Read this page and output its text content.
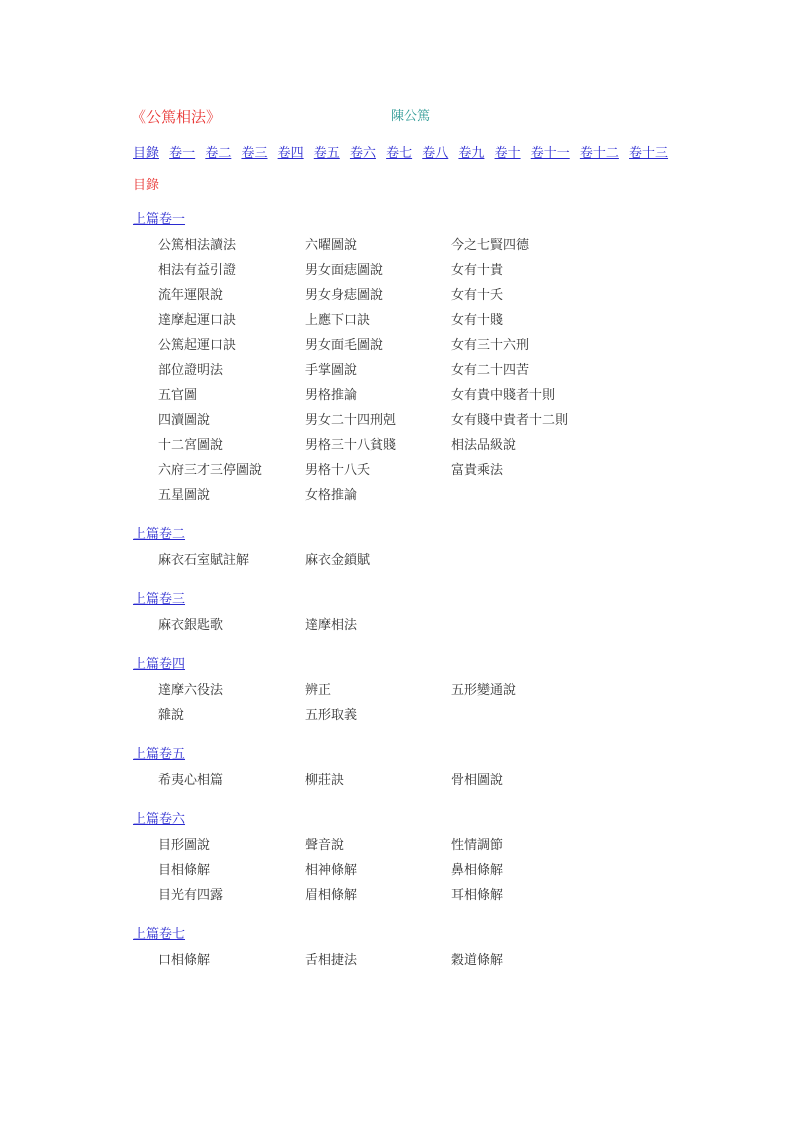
《公篤相法》	陳公篤
目錄 卷一 卷二 卷三 卷四 卷五 卷六 卷七 卷八 卷九 卷十 卷十一 卷十二 卷十三
目錄
上篇卷一
公篤相法讀法	六曜圖說	今之七賢四德
相法有益引證	男女面痣圖說	女有十貴
流年運限說	男女身痣圖說	女有十夭
達摩起運口訣	上應下口訣	女有十賤
公篤起運口訣	男女面毛圖說	女有三十六刑
部位證明法	手掌圖說	女有二十四苦
五官圖	男格推論	女有貴中賤者十則
四瀆圖說	男女二十四刑剋	女有賤中貴者十二則
十二宮圖說	男格三十八貧賤	相法品級說
六府三才三停圖說	男格十八夭	富貴乘法
五星圖說	女格推論
上篇卷二
麻衣石室賦註解	麻衣金鎖賦
上篇卷三
麻衣銀匙歌	達摩相法
上篇卷四
達摩六役法	辨正	五形變通說
雜說	五形取義
上篇卷五
希夷心相篇	柳莊訣	骨相圖說
上篇卷六
目形圖說	聲音說	性情調節
目相條解	相神條解	鼻相條解
目光有四露	眉相條解	耳相條解
上篇卷七
口相條解	舌相捷法	穀道條解
